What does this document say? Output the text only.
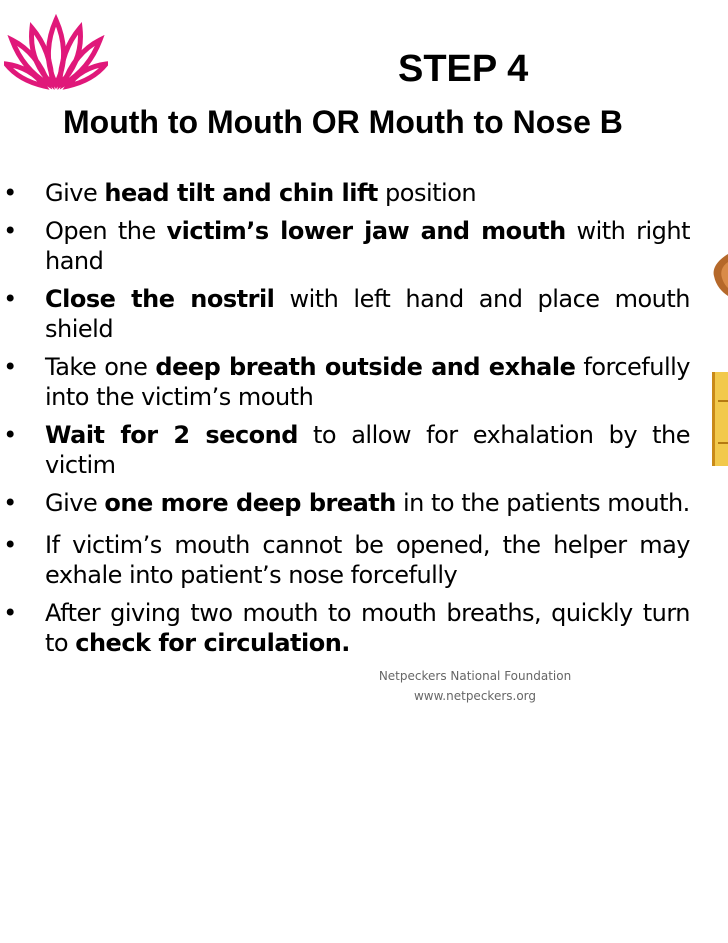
STEP 4
Mouth to Mouth OR Mouth to Nose B
• Give head tilt and chin lift position
• Open the victim’s lower jaw and mouth with right hand
• Close the nostril with left hand and place mouth shield
• Take one deep breath outside and exhale forcefully into the victim’s mouth
• Wait for 2 second to allow for exhalation by the victim
• Give one more deep breath in to the patients mouth.
• If victim’s mouth cannot be opened, the helper may exhale into patient’s nose forcefully
• After giving two mouth to mouth breaths, quickly turn to check for circulation.
Netpeckers National Foundation
www.netpeckers.org
